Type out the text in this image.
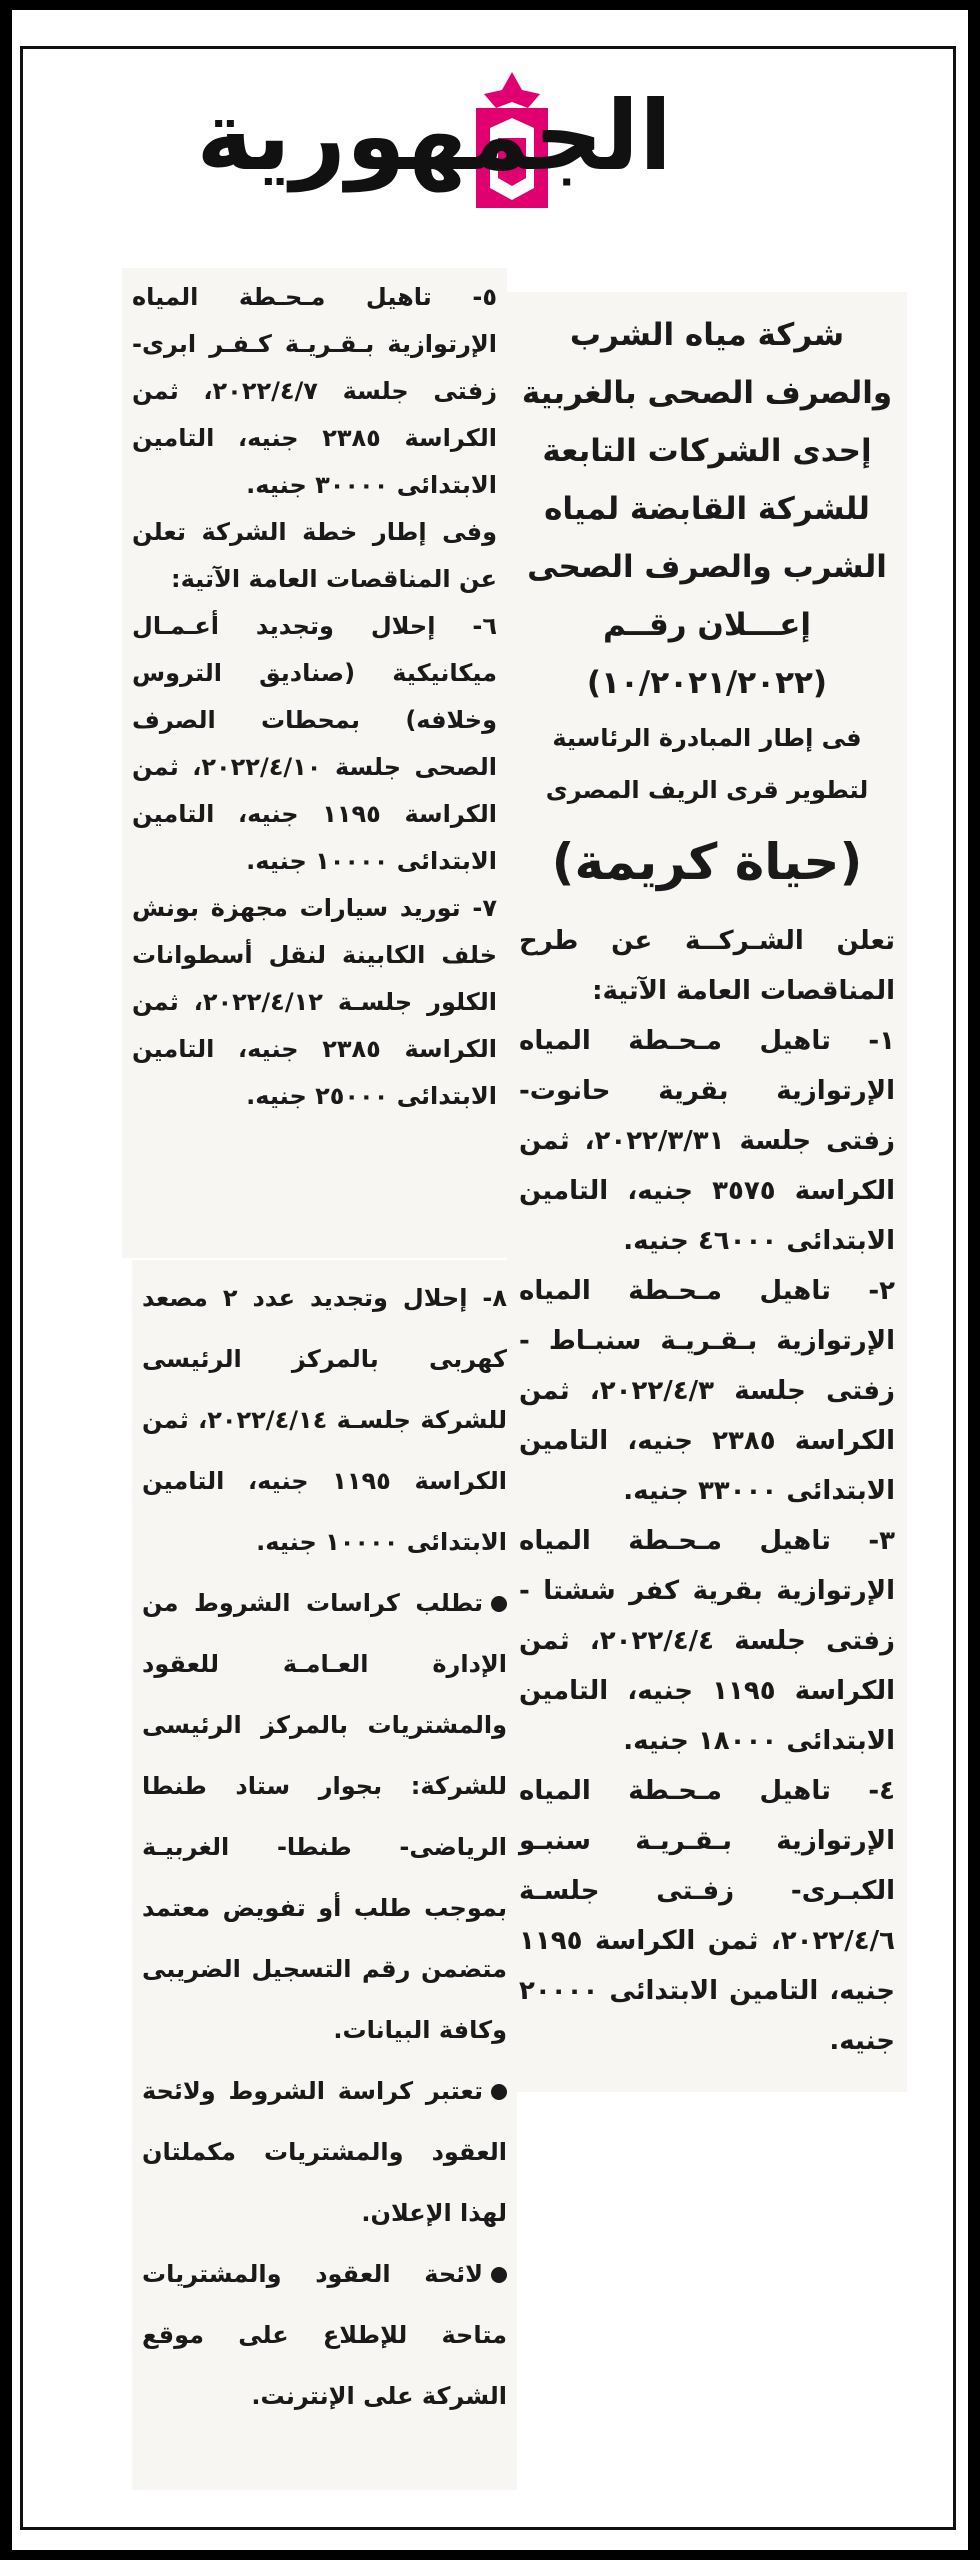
الجمهورية

شركة مياه الشرب والصرف الصحى بالغربية

إحدى الشركات التابعة للشركة القابضة لمياه الشرب والصرف الصحى

إعـــلان رقــم (١٠/٢٠٢١/٢٠٢٢)

فى إطار المبادرة الرئاسية لتطوير قرى الريف المصرى

(حياة كريمة)

تعلن الشـركــة عن طرح المناقصات العامة الآتية:

١- تاهيل مـحـطة المياه الإرتوازية بقرية حانوت- زفتى جلسة ٢٠٢٢/٣/٣١، ثمن الكراسة ٣٥٧٥ جنيه، التامين الابتدائى ٤٦٠٠٠ جنيه.

٢- تاهيل مـحـطة المياه الإرتوازية بـقـريـة سنبـاط - زفتى جلسة ٢٠٢٢/٤/٣، ثمن الكراسة ٢٣٨٥ جنيه، التامين الابتدائى ٣٣٠٠٠ جنيه.

٣- تاهيل مـحـطة المياه الإرتوازية بقرية كفر ششتا - زفتى جلسة ٢٠٢٢/٤/٤، ثمن الكراسة ١١٩٥ جنيه، التامين الابتدائى ١٨٠٠٠ جنيه.

٤- تاهيل مـحـطة المياه الإرتوازية بـقـريـة سنبـو الكبـرى- زفـتى جلسـة ٢٠٢٢/٤/٦، ثمن الكراسة ١١٩٥ جنيه، التامين الابتدائى ٢٠٠٠٠ جنيه.

٥- تاهيل مـحـطة المياه الإرتوازية بـقـريـة كـفـر ابرى- زفتى جلسة ٢٠٢٢/٤/٧، ثمن الكراسة ٢٣٨٥ جنيه، التامين الابتدائى ٣٠٠٠٠ جنيه.

وفى إطار خطة الشركة تعلن عن المناقصات العامة الآتية:

٦- إحلال وتجديد أعـمـال ميكانيكية (صناديق التروس وخلافه) بمحطات الصرف الصحى جلسة ٢٠٢٢/٤/١٠، ثمن الكراسة ١١٩٥ جنيه، التامين الابتدائى ١٠٠٠٠ جنيه.

٧- توريد سيارات مجهزة بونش خلف الكابينة لنقل أسطوانات الكلور جلسـة ٢٠٢٢/٤/١٢، ثمن الكراسة ٢٣٨٥ جنيه، التامين الابتدائى ٢٥٠٠٠ جنيه.

٨- إحلال وتجديد عدد ٢ مصعد كهربى بالمركز الرئيسى للشركة جلسـة ٢٠٢٢/٤/١٤، ثمن الكراسة ١١٩٥ جنيه، التامين الابتدائى ١٠٠٠٠ جنيه.

تطلب كراسات الشروط من الإدارة العـامـة للعقود والمشتريات بالمركز الرئيسى للشركة: بجوار ستاد طنطا الرياضى- طنطا- الغربيـة بموجب طلب أو تفويض معتمد متضمن رقم التسجيل الضريبى وكافة البيانات.

تعتبر كراسة الشروط ولائحة العقود والمشتريات مكملتان لهذا الإعلان.

لائحة العقود والمشتريات متاحة للإطلاع على موقع الشركة على الإنترنت.
